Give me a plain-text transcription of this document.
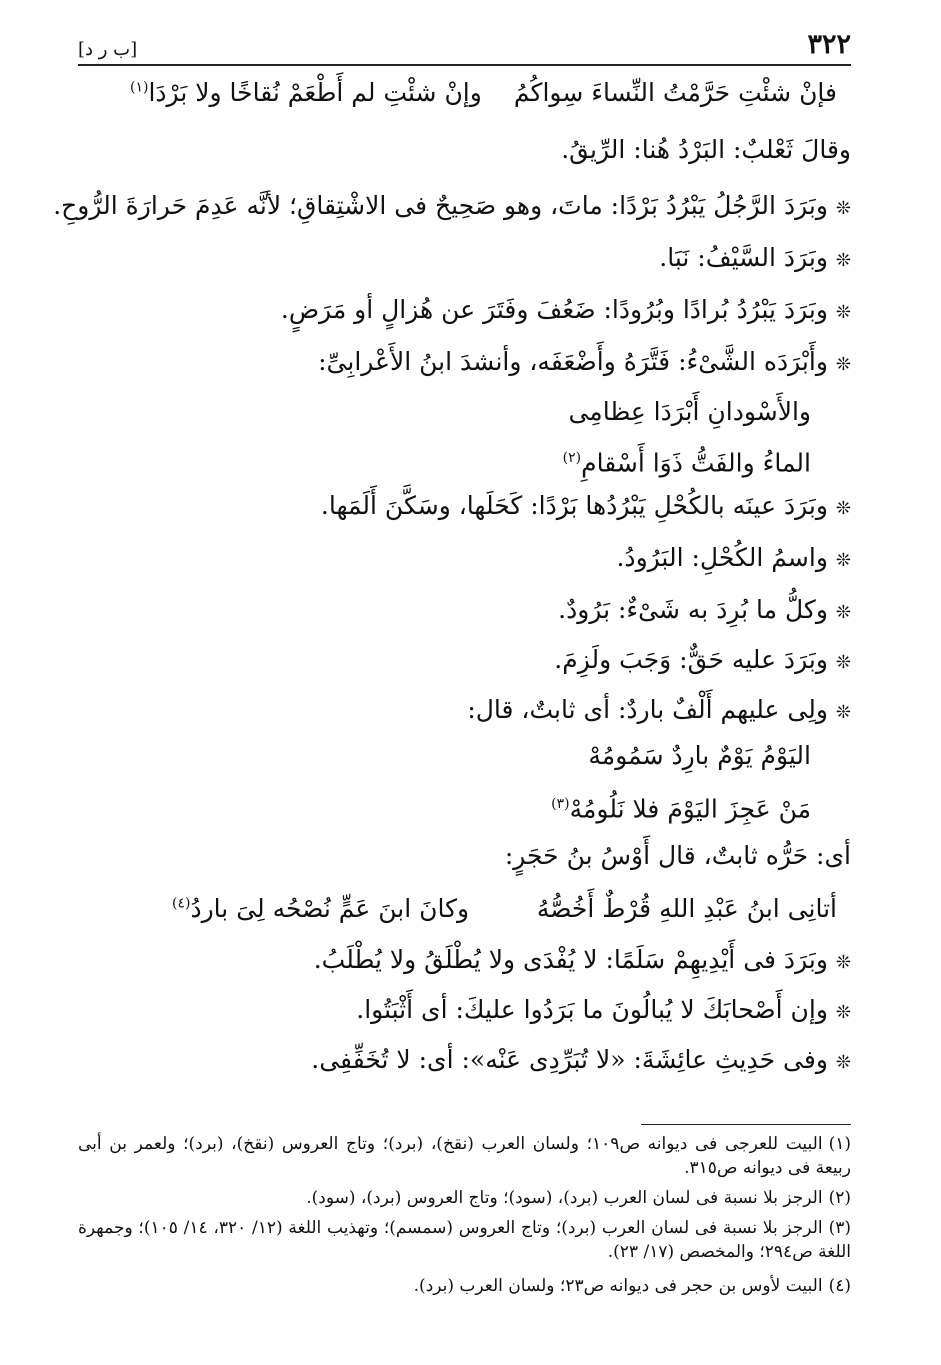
٣٢٢
[ب ر د]
فإنْ شئْتِ حَرَّمْتُ النِّساءَ سِواكُمُ
وإنْ شئْتِ لم أَطْعَمْ نُقاخًا ولا بَرْدَا$^{(١)}$
وقالَ ثَعْلبٌ: البَرْدُ هُنا: الرِّيقُ.
❊وبَرَدَ الرَّجُلُ يَبْرُدُ بَرْدًا: ماتَ، وهو صَحِيحٌ فى الاشْتِقاقِ؛ لأنَّه عَدِمَ حَرارَةَ الرُّوحِ.
❊وبَرَدَ السَّيْفُ: نَبَا.
❊وبَرَدَ يَبْرُدُ بُرادًا وبُرُودًا: ضَعُفَ وفَتَرَ عن هُزالٍ أو مَرَضٍ.
❊وأَبْرَدَه الشَّىْءُ: فَتَّرَهُ وأَضْعَفَه، وأنشدَ ابنُ الأَعْرابِىِّ:
والأَسْودانِ أَبْرَدَا عِظامِى
الماءُ والفَتُّ ذَوَا أَسْقامِ$^{(٢)}$
❊وبَرَدَ عينَه بالكُحْلِ يَبْرُدُها بَرْدًا: كَحَلَها، وسَكَّنَ أَلَمَها.
❊واسمُ الكُحْلِ: البَرُودُ.
❊وكلُّ ما بُرِدَ به شَىْءٌ: بَرُودٌ.
❊وبَرَدَ عليه حَقٌّ: وَجَبَ ولَزِمَ.
❊ولِى عليهم أَلْفٌ باردٌ: أى ثابتٌ، قال:
اليَوْمُ يَوْمٌ بارِدٌ سَمُومُهْ
مَنْ عَجِزَ اليَوْمَ فلا نَلُومُهْ$^{(٣)}$
أى: حَرُّه ثابتٌ، قال أَوْسُ بنُ حَجَرٍ:
أتانِى ابنُ عَبْدِ اللهِ قُرْطٌ أَخُصُّهُ
وكانَ ابنَ عَمٍّ نُصْحُه لِىَ باردُ$^{(٤)}$
❊وبَرَدَ فى أَيْدِيهِمْ سَلَمًا: لا يُفْدَى ولا يُطْلَقُ ولا يُطْلَبُ.
❊وإن أَصْحابَكَ لا يُبالُونَ ما بَرَدُوا عليكَ: أى أَثْبَتُوا.
❊وفى حَدِيثِ عائِشَةَ: «لا تُبَرِّدِى عَنْه»: أى: لا تُخَفِّفِى.
(١)البيت للعرجى فى ديوانه ص١٠٩؛ ولسان العرب (نقخ)، (برد)؛ وتاج العروس (نقخ)، (برد)؛ ولعمر بن أبى ربيعة فى ديوانه ص٣١٥.
(٢)الرجز بلا نسبة فى لسان العرب (برد)، (سود)؛ وتاج العروس (برد)، (سود).
(٣)الرجز بلا نسبة فى لسان العرب (برد)؛ وتاج العروس (سمسم)؛ وتهذيب اللغة (١٢/ ٣٢٠، ١٤/ ١٠٥)؛ وجمهرة اللغة ص٢٩٤؛ والمخصص (١٧/ ٢٣).
(٤)البيت لأوس بن حجر فى ديوانه ص٢٣؛ ولسان العرب (برد).
